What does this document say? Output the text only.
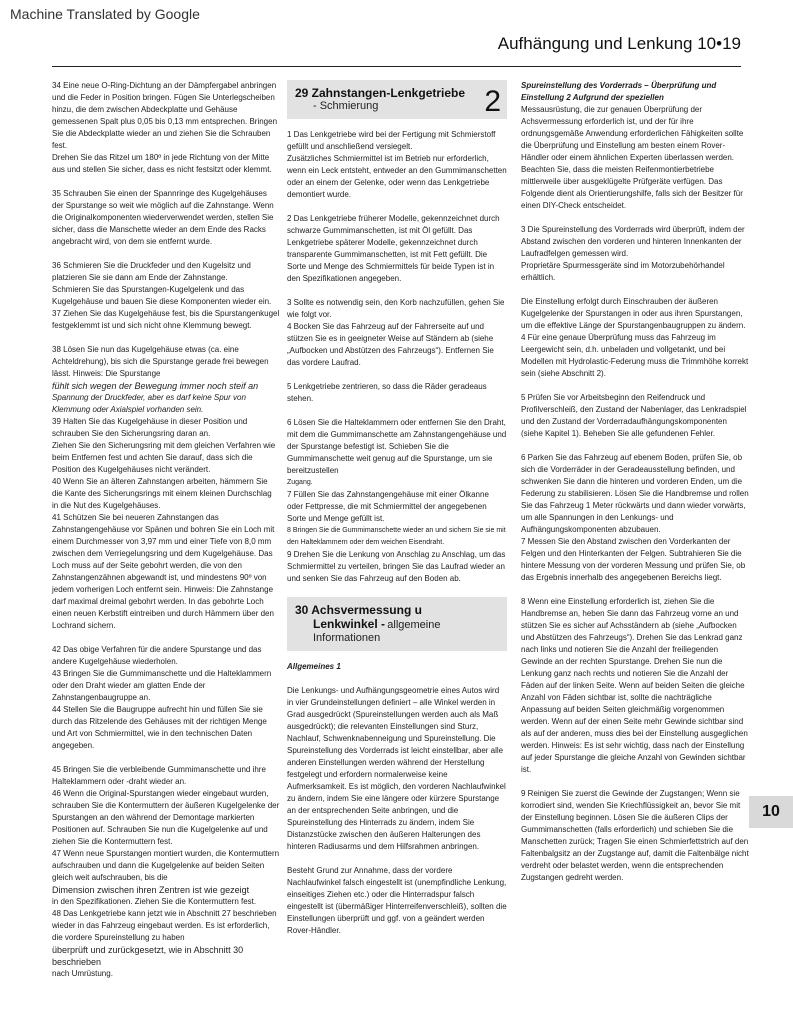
Machine Translated by Google
Aufhängung und Lenkung 10•19

34 Eine neue O-Ring-Dichtung an der Dämpfergabel anbringen und die Feder in Position bringen. Fügen Sie Unterlegscheiben hinzu, die dem zwischen Abdeckplatte und Gehäuse gemessenen Spalt plus 0,05 bis 0,13 mm entsprechen. Bringen Sie die Abdeckplatte wieder an und ziehen Sie die Schrauben fest.

Drehen Sie das Ritzel um 180º in jede Richtung von der Mitte aus und stellen Sie sicher, dass es nicht festsitzt oder klemmt.

35 Schrauben Sie einen der Spannringe des Kugelgehäuses der Spurstange so weit wie möglich auf die Zahnstange. Wenn die Originalkomponenten wiederverwendet werden, stellen Sie sicher, dass die Manschette wieder an dem Ende des Racks angebracht wird, von dem sie entfernt wurde.

36 Schmieren Sie die Druckfeder und den Kugelsitz und platzieren Sie sie dann am Ende der Zahnstange.

Schmieren Sie das Spurstangen-Kugelgelenk und das Kugelgehäuse und bauen Sie diese Komponenten wieder ein.

37 Ziehen Sie das Kugelgehäuse fest, bis die Spurstangenkugel festgeklemmt ist und sich nicht ohne Klemmung bewegt.

38 Lösen Sie nun das Kugelgehäuse etwas (ca. eine Achteldrehung), bis sich die Spurstange gerade frei bewegen lässt. Hinweis: Die Spurstange

fühlt sich wegen der Bewegung immer noch steif an

Spannung der Druckfeder, aber es darf keine Spur von Klemmung oder Axialspiel vorhanden sein.

39 Halten Sie das Kugelgehäuse in dieser Position und schrauben Sie den Sicherungsring daran an.

Ziehen Sie den Sicherungsring mit dem gleichen Verfahren wie beim Entfernen fest und achten Sie darauf, dass sich die Position des Kugelgehäuses nicht verändert.

40 Wenn Sie an älteren Zahnstangen arbeiten, hämmern Sie die Kante des Sicherungsrings mit einem kleinen Durchschlag in die Nut des Kugelgehäuses.

41 Schützen Sie bei neueren Zahnstangen das Zahnstangengehäuse vor Spänen und bohren Sie ein Loch mit einem Durchmesser von 3,97 mm und einer Tiefe von 8,0 mm zwischen dem Verriegelungsring und dem Kugelgehäuse. Das Loch muss auf der Seite gebohrt werden, die von den Zahnstangenzähnen abgewandt ist, und mindestens 90º von jedem vorherigen Loch entfernt sein. Hinweis: Die Zahnstange darf maximal dreimal gebohrt werden. In das gebohrte Loch einen neuen Kerbstift eintreiben und durch Hämmern über den Lochrand sichern.

42 Das obige Verfahren für die andere Spurstange und das andere Kugelgehäuse wiederholen.

43 Bringen Sie die Gummimanschette und die Halteklammern oder den Draht wieder am glatten Ende der Zahnstangenbaugruppe an.

44 Stellen Sie die Baugruppe aufrecht hin und füllen Sie sie durch das Ritzelende des Gehäuses mit der richtigen Menge und Art von Schmiermittel, wie in den technischen Daten angegeben.

45 Bringen Sie die verbleibende Gummimanschette und ihre Halteklammern oder -draht wieder an.

46 Wenn die Original-Spurstangen wieder eingebaut wurden, schrauben Sie die Kontermuttern der äußeren Kugelgelenke der Spurstangen an den während der Demontage markierten Positionen auf. Schrauben Sie nun die Kugelgelenke auf und ziehen Sie die Kontermuttern fest.

47 Wenn neue Spurstangen montiert wurden, die Kontermuttern aufschrauben und dann die Kugelgelenke auf beiden Seiten gleich weit aufschrauben, bis die

Dimension zwischen ihren Zentren ist wie gezeigt

in den Spezifikationen. Ziehen Sie die Kontermuttern fest.

48 Das Lenkgetriebe kann jetzt wie in Abschnitt 27 beschrieben wieder in das Fahrzeug eingebaut werden. Es ist erforderlich, die vordere Spureinstellung zu haben

überprüft und zurückgesetzt, wie in Abschnitt 30 beschrieben

nach Umrüstung.

29 Zahnstangen-Lenkgetriebe
- Schmierung	2

1 Das Lenkgetriebe wird bei der Fertigung mit Schmierstoff gefüllt und anschließend versiegelt.

Zusätzliches Schmiermittel ist im Betrieb nur erforderlich, wenn ein Leck entsteht, entweder an den Gummimanschetten oder an einem der Gelenke, oder wenn das Lenkgetriebe demontiert wurde.

2 Das Lenkgetriebe früherer Modelle, gekennzeichnet durch schwarze Gummimanschetten, ist mit Öl gefüllt. Das Lenkgetriebe späterer Modelle, gekennzeichnet durch transparente Gummimanschetten, ist mit Fett gefüllt. Die Sorte und Menge des Schmiermittels für beide Typen ist in den Spezifikationen angegeben.

3 Sollte es notwendig sein, den Korb nachzufüllen, gehen Sie wie folgt vor.

4 Bocken Sie das Fahrzeug auf der Fahrerseite auf und stützen Sie es in geeigneter Weise auf Ständern ab (siehe „Aufbocken und Abstützen des Fahrzeugs“). Entfernen Sie das vordere Laufrad.

5 Lenkgetriebe zentrieren, so dass die Räder geradeaus stehen.

6 Lösen Sie die Halteklammern oder entfernen Sie den Draht, mit dem die Gummimanschette am Zahnstangengehäuse und der Spurstange befestigt ist. Schieben Sie die Gummimanschette weit genug auf die Spurstange, um sie bereitzustellen

Zugang.

7 Füllen Sie das Zahnstangengehäuse mit einer Ölkanne oder Fettpresse, die mit Schmiermittel der angegebenen Sorte und Menge gefüllt ist.

8 Bringen Sie die Gummimanschette wieder an und sichern Sie sie mit den Halteklammern oder dem weichen Eisendraht.

9 Drehen Sie die Lenkung von Anschlag zu Anschlag, um das Schmiermittel zu verteilen, bringen Sie das Laufrad wieder an und senken Sie das Fahrzeug auf den Boden ab.

30 Achsvermessung u
Lenkwinkel - allgemeine Informationen

Allgemeines 1

Die Lenkungs- und Aufhängungsgeometrie eines Autos wird in vier Grundeinstellungen definiert – alle Winkel werden in Grad ausgedrückt (Spureinstellungen werden auch als Maß ausgedrückt); die relevanten Einstellungen sind Sturz, Nachlauf, Schwenknabenneigung und Spureinstellung. Die Spureinstellung des Vorderrads ist leicht einstellbar, aber alle anderen Einstellungen werden während der Herstellung festgelegt und erfordern normalerweise keine Aufmerksamkeit. Es ist möglich, den vorderen Nachlaufwinkel zu ändern, indem Sie eine längere oder kürzere Spurstange an der entsprechenden Seite anbringen, und die Spureinstellung des Hinterrads zu ändern, indem Sie Distanzstücke zwischen den äußeren Halterungen des hinteren Radiusarms und dem Hilfsrahmen anbringen.

Besteht Grund zur Annahme, dass der vordere Nachlaufwinkel falsch eingestellt ist (unempfindliche Lenkung, einseitiges Ziehen etc.) oder die Hinterradspur falsch eingestellt ist (übermäßiger Hinterreifenverschleiß), sollten die Einstellungen überprüft und ggf. von a geändert werden Rover-Händler.

Spureinstellung des Vorderrads – Überprüfung und Einstellung 2 Aufgrund der speziellen

Messausrüstung, die zur genauen Überprüfung der Achsvermessung erforderlich ist, und der für ihre ordnungsgemäße Anwendung erforderlichen Fähigkeiten sollte die Überprüfung und Einstellung am besten einem Rover-Händler oder einem ähnlichen Experten überlassen werden. Beachten Sie, dass die meisten Reifenmontierbetriebe mittlerweile über ausgeklügelte Prüfgeräte verfügen. Das Folgende dient als Orientierungshilfe, falls sich der Besitzer für einen DIY-Check entscheidet.

3 Die Spureinstellung des Vorderrads wird überprüft, indem der Abstand zwischen den vorderen und hinteren Innenkanten der Laufradfelgen gemessen wird.

Proprietäre Spurmessgeräte sind im Motorzubehörhandel erhältlich.

Die Einstellung erfolgt durch Einschrauben der äußeren Kugelgelenke der Spurstangen in oder aus ihren Spurstangen, um die effektive Länge der Spurstangenbaugruppen zu ändern.

4 Für eine genaue Überprüfung muss das Fahrzeug im Leergewicht sein, d.h. unbeladen und vollgetankt, und bei Modellen mit Hydrolastic-Federung muss die Trimmhöhe korrekt sein (siehe Abschnitt 2).

5 Prüfen Sie vor Arbeitsbeginn den Reifendruck und Profilverschleiß, den Zustand der Nabenlager, das Lenkradspiel und den Zustand der Vorderradaufhängungskomponenten (siehe Kapitel 1). Beheben Sie alle gefundenen Fehler.

6 Parken Sie das Fahrzeug auf ebenem Boden, prüfen Sie, ob sich die Vorderräder in der Geradeausstellung befinden, und schwenken Sie dann die hinteren und vorderen Enden, um die Federung zu stabilisieren. Lösen Sie die Handbremse und rollen Sie das Fahrzeug 1 Meter rückwärts und dann wieder vorwärts, um alle Spannungen in den Lenkungs- und Aufhängungskomponenten abzubauen.

7 Messen Sie den Abstand zwischen den Vorderkanten der Felgen und den Hinterkanten der Felgen. Subtrahieren Sie die hintere Messung von der vorderen Messung und prüfen Sie, ob das Ergebnis innerhalb des angegebenen Bereichs liegt.

8 Wenn eine Einstellung erforderlich ist, ziehen Sie die Handbremse an, heben Sie dann das Fahrzeug vorne an und stützen Sie es sicher auf Achsständern ab (siehe „Aufbocken und Abstützen des Fahrzeugs“). Drehen Sie das Lenkrad ganz nach links und notieren Sie die Anzahl der freiliegenden Gewinde an der rechten Spurstange. Drehen Sie nun die Lenkung ganz nach rechts und notieren Sie die Anzahl der Fäden auf der linken Seite. Wenn auf beiden Seiten die gleiche Anzahl von Fäden sichtbar ist, sollte die nachträgliche Anpassung auf beiden Seiten gleichmäßig vorgenommen werden. Wenn auf der einen Seite mehr Gewinde sichtbar sind als auf der anderen, muss dies bei der Einstellung ausgeglichen werden. Hinweis: Es ist sehr wichtig, dass nach der Einstellung auf jeder Spurstange die gleiche Anzahl von Gewinden sichtbar ist.

9 Reinigen Sie zuerst die Gewinde der Zugstangen; Wenn sie korrodiert sind, wenden Sie Kriechflüssigkeit an, bevor Sie mit der Einstellung beginnen. Lösen Sie die äußeren Clips der Gummimanschetten (falls erforderlich) und schieben Sie die Manschetten zurück; Tragen Sie einen Schmierfettstrich auf den Faltenbalgsitz an der Zugstange auf, damit die Faltenbälge nicht verdreht oder belastet werden, wenn die entsprechenden Zugstangen gedreht werden.

10
